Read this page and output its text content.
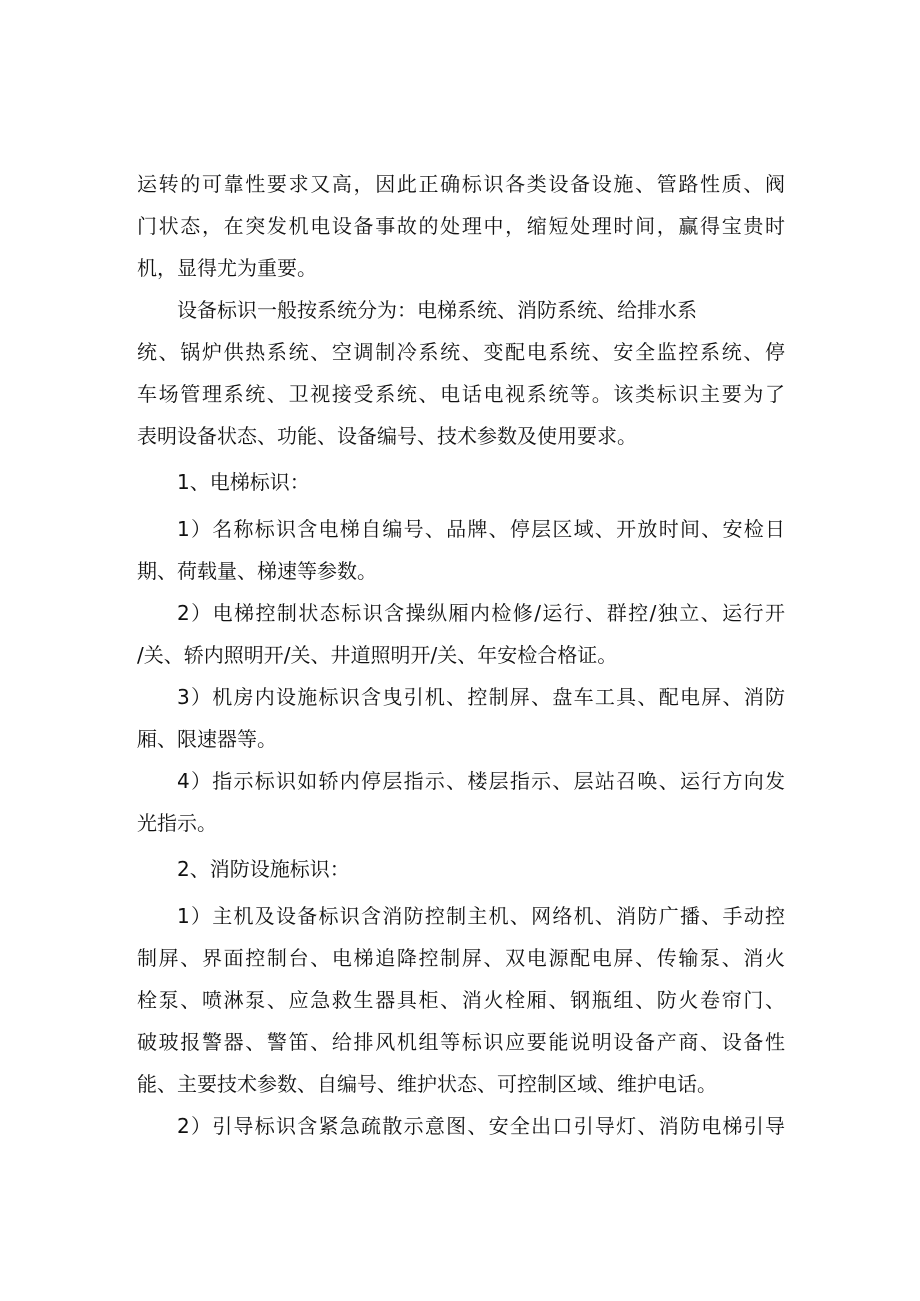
运转的可靠性要求又高，因此正确标识各类设备设施、管路性质、阀
门状态，在突发机电设备事故的处理中，缩短处理时间，赢得宝贵时
机，显得尤为重要。
设备标识一般按系统分为：电梯系统、消防系统、给排水系
统、锅炉供热系统、空调制冷系统、变配电系统、安全监控系统、停
车场管理系统、卫视接受系统、电话电视系统等。该类标识主要为了
表明设备状态、功能、设备编号、技术参数及使用要求。
1、电梯标识：
1）名称标识含电梯自编号、品牌、停层区域、开放时间、安检日
期、荷载量、梯速等参数。
2）电梯控制状态标识含操纵厢内检修/运行、群控/独立、运行开
/关、轿内照明开/关、井道照明开/关、年安检合格证。
3）机房内设施标识含曳引机、控制屏、盘车工具、配电屏、消防
厢、限速器等。
4）指示标识如轿内停层指示、楼层指示、层站召唤、运行方向发
光指示。
2、消防设施标识：
1）主机及设备标识含消防控制主机、网络机、消防广播、手动控
制屏、界面控制台、电梯追降控制屏、双电源配电屏、传输泵、消火
栓泵、喷淋泵、应急救生器具柜、消火栓厢、钢瓶组、防火卷帘门、
破玻报警器、警笛、给排风机组等标识应要能说明设备产商、设备性
能、主要技术参数、自编号、维护状态、可控制区域、维护电话。
2）引导标识含紧急疏散示意图、安全出口引导灯、消防电梯引导
